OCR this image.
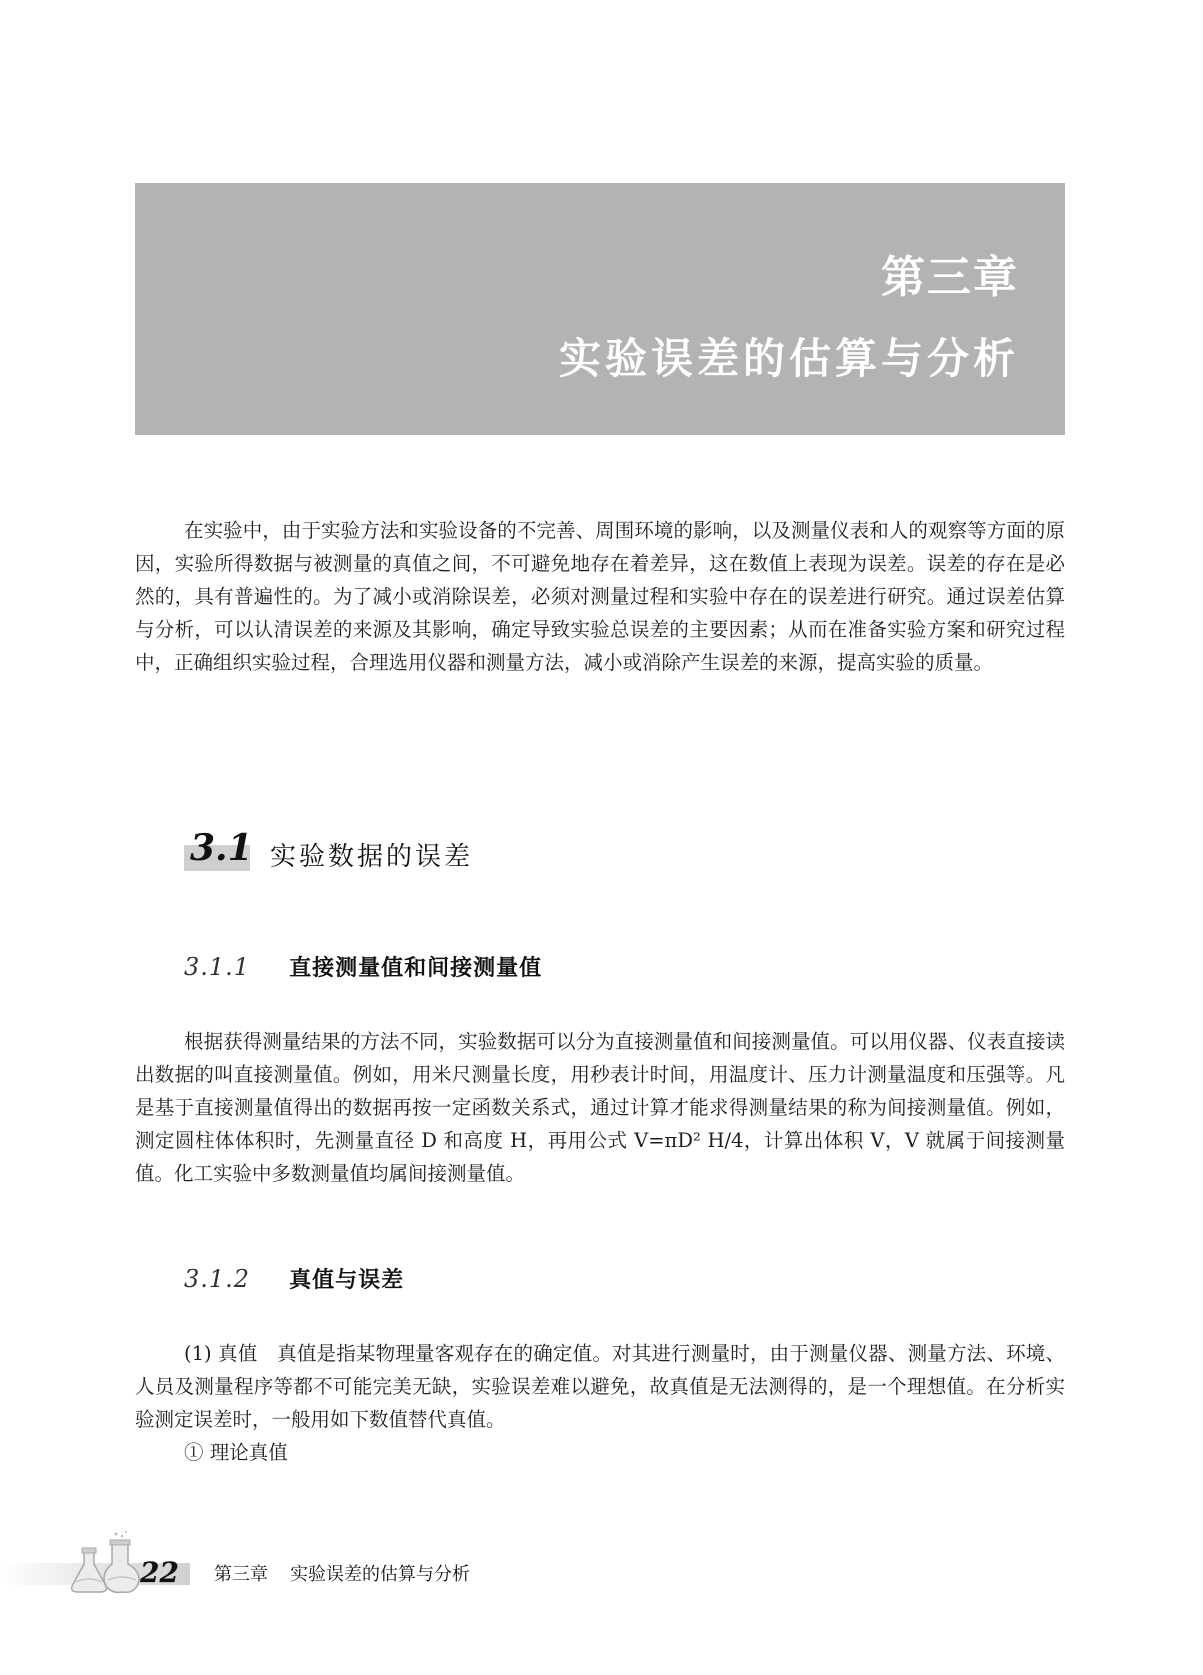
第三章
实验误差的估算与分析

在实验中，由于实验方法和实验设备的不完善、周围环境的影响，以及测量仪表和人的观察等方面的原因，实验所得数据与被测量的真值之间，不可避免地存在着差异，这在数值上表现为误差。误差的存在是必然的，具有普遍性的。为了减小或消除误差，必须对测量过程和实验中存在的误差进行研究。通过误差估算与分析，可以认清误差的来源及其影响，确定导致实验总误差的主要因素；从而在准备实验方案和研究过程中，正确组织实验过程，合理选用仪器和测量方法，减小或消除产生误差的来源，提高实验的质量。

3.1 实验数据的误差
3.1.1 直接测量值和间接测量值

根据获得测量结果的方法不同，实验数据可以分为直接测量值和间接测量值。可以用仪器、仪表直接读出数据的叫直接测量值。例如，用米尺测量长度，用秒表计时间，用温度计、压力计测量温度和压强等。凡是基于直接测量值得出的数据再按一定函数关系式，通过计算才能求得测量结果的称为间接测量值。例如，测定圆柱体体积时，先测量直径 D 和高度 H，再用公式 V=πD² H/4，计算出体积 V，V 就属于间接测量值。化工实验中多数测量值均属间接测量值。

3.1.2 真值与误差

(1) 真值　真值是指某物理量客观存在的确定值。对其进行测量时，由于测量仪器、测量方法、环境、人员及测量程序等都不可能完美无缺，实验误差难以避免，故真值是无法测得的，是一个理想值。在分析实验测定误差时，一般用如下数值替代真值。

① 理论真值

22 第三章 实验误差的估算与分析
